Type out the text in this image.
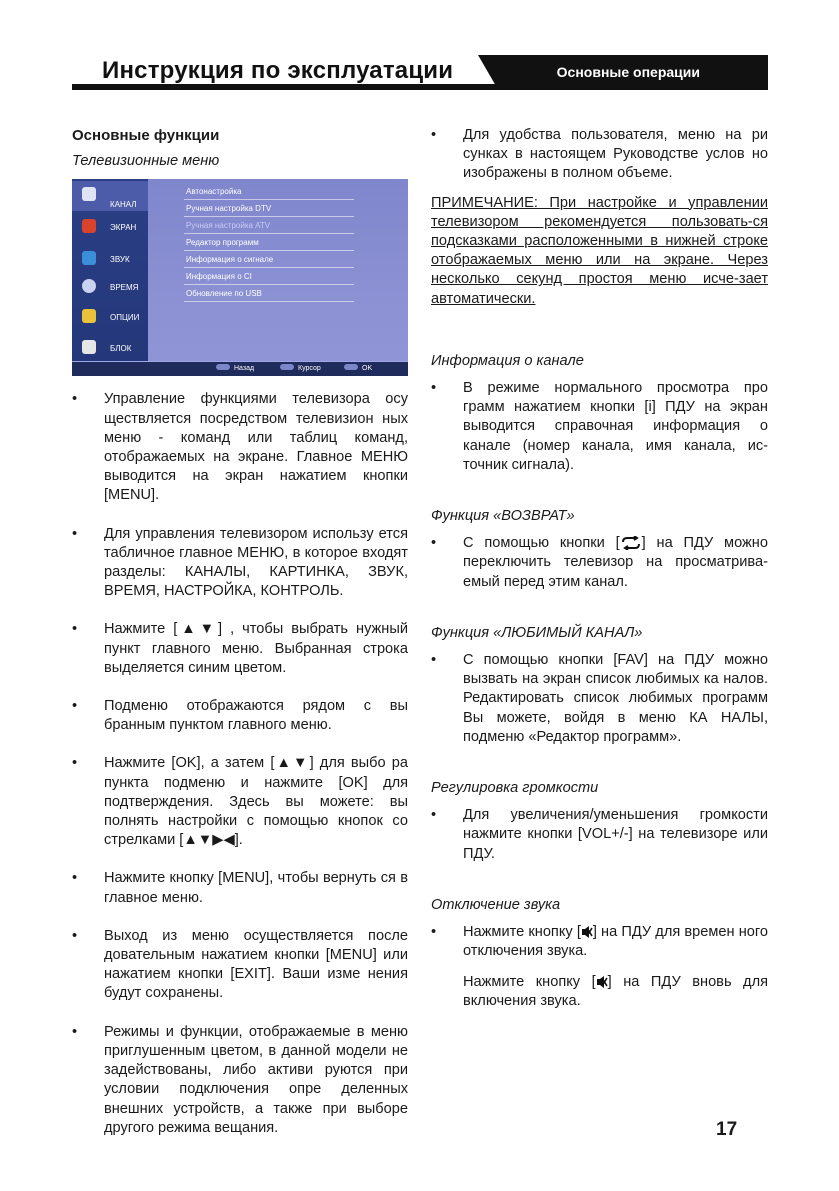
Инструкция по эксплуатации	Основные операции
Основные функции
Телевизионные меню
КАНАЛ
ЭКРАН
ЗВУК
ВРЕМЯ
ОПЦИИ
БЛОК
Автонастройка
Ручная настройка DTV
Ручная настройка ATV
Редактор программ
Информация о сигнале
Информация о CI
Обновление по USB
Назад	Курсор	OK
•	Управление функциями телевизора осу ществляется посредством телевизион ных меню - команд или таблиц команд, отображаемых на экране. Главное МЕНЮ выводится на экран нажатием кнопки [MENU].
•	Для управления телевизором использу ется табличное главное МЕНЮ, в которое входят разделы: КАНАЛЫ, КАРТИНКА, ЗВУК, ВРЕМЯ, НАСТРОЙКА, КОНТРОЛЬ.
•	Нажмите [▲▼] , чтобы выбрать нужный пункт главного меню. Выбранная строка выделяется синим цветом.
•	Подменю отображаются рядом с вы бранным пунктом главного меню.
•	Нажмите [OK], а затем [▲▼] для выбо ра пункта подменю и нажмите [OK] для подтверждения. Здесь вы можете: вы полнять настройки с помощью кнопок со стрелками [▲▼▶◀].
•	Нажмите кнопку [MENU], чтобы вернуть ся в главное меню.
•	Выход из меню осуществляется после довательным нажатием кнопки [MENU] или нажатием кнопки [EXIT]. Ваши изме нения будут сохранены.
•	Режимы и функции, отображаемые в меню приглушенным цветом, в данной модели не задействованы, либо активи руются при условии подключения опре деленных внешних устройств, а также при выборе другого режима вещания.
•	Для удобства пользователя, меню на ри сунках в настоящем Руководстве услов но изображены в полном объеме.
ПРИМЕЧАНИЕ: При настройке и управлении телевизором рекомендуется пользовать-ся подсказками расположенными в нижней строке отображаемых меню или на экране. Через несколько секунд простоя меню исче-зает автоматически.
Информация о канале
•	В режиме нормального просмотра про грамм нажатием кнопки [i] ПДУ на экран выводится справочная информация о канале (номер канала, имя канала, ис-точник сигнала).
Функция «ВОЗВРАТ»
•	С помощью кнопки [ ] на ПДУ можно переключить телевизор на просматрива-емый перед этим канал.
Функция «ЛЮБИМЫЙ КАНАЛ»
•	С помощью кнопки [FAV] на ПДУ можно вызвать на экран список любимых ка налов. Редактировать список любимых программ Вы можете, войдя в меню КА НАЛЫ, подменю «Редактор программ».
Регулировка громкости
•	Для увеличения/уменьшения громкости нажмите кнопки [VOL+/-] на телевизоре или ПДУ.
Отключение звука
•	Нажмите кнопку [ ] на ПДУ для времен ного отключения звука.
Нажмите кнопку [ ] на ПДУ вновь для включения звука.
17
